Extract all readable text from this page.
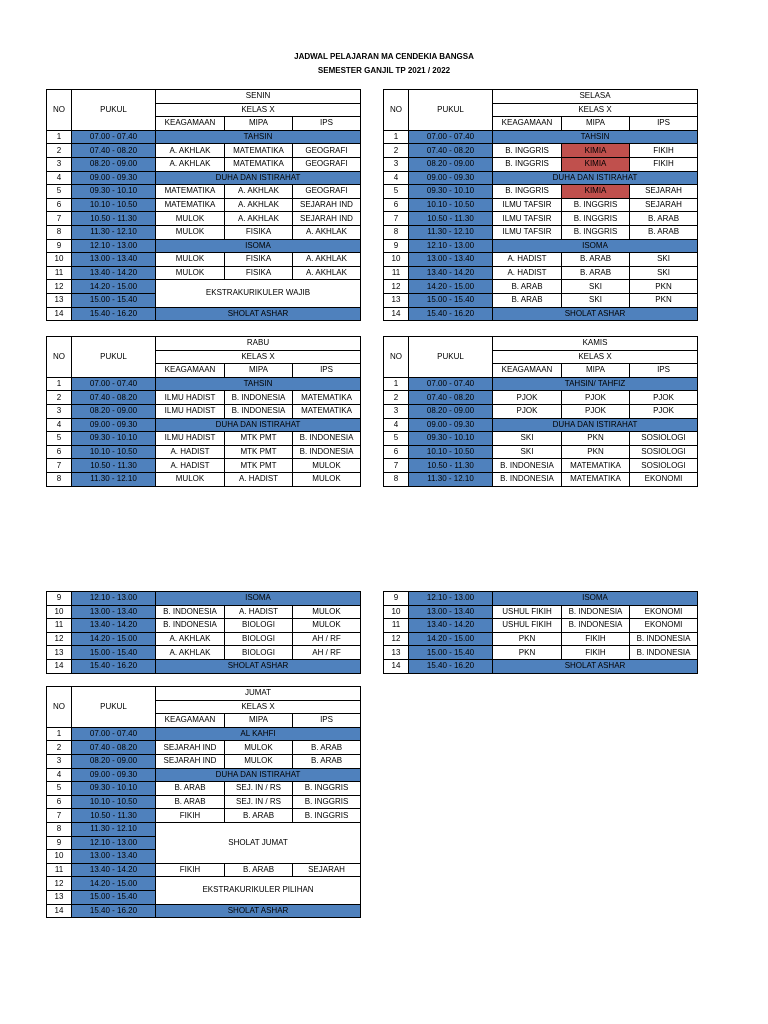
JADWAL PELAJARAN MA CENDEKIA BANGSA
SEMESTER GANJIL TP 2021 / 2022
NO	PUKUL	SENIN		
		KELAS X		
		KEAGAMAAN	MIPA	IPS
1	07.00 - 07.40	TAHSIN		
2	07.40 - 08.20	A. AKHLAK	MATEMATIKA	GEOGRAFI
3	08.20 - 09.00	A. AKHLAK	MATEMATIKA	GEOGRAFI
4	09.00 - 09.30	DUHA DAN ISTIRAHAT		
5	09.30 - 10.10	MATEMATIKA	A. AKHLAK	GEOGRAFI
6	10.10 - 10.50	MATEMATIKA	A. AKHLAK	SEJARAH IND
7	10.50 - 11.30	MULOK	A. AKHLAK	SEJARAH IND
8	11.30 - 12.10	MULOK	FISIKA	A. AKHLAK
9	12.10 - 13.00	ISOMA		
10	13.00 - 13.40	MULOK	FISIKA	A. AKHLAK
11	13.40 - 14.20	MULOK	FISIKA	A. AKHLAK
12	14.20 - 15.00	EKSTRAKURIKULER WAJIB		
13	15.00 - 15.40			
14	15.40 - 16.20	SHOLAT ASHAR		
NO	PUKUL	SELASA		
		KELAS X		
		KEAGAMAAN	MIPA	IPS
1	07.00 - 07.40	TAHSIN		
2	07.40 - 08.20	B. INGGRIS	KIMIA	FIKIH
3	08.20 - 09.00	B. INGGRIS	KIMIA	FIKIH
4	09.00 - 09.30	DUHA DAN ISTIRAHAT		
5	09.30 - 10.10	B. INGGRIS	KIMIA	SEJARAH
6	10.10 - 10.50	ILMU TAFSIR	B. INGGRIS	SEJARAH
7	10.50 - 11.30	ILMU TAFSIR	B. INGGRIS	B. ARAB
8	11.30 - 12.10	ILMU TAFSIR	B. INGGRIS	B. ARAB
9	12.10 - 13.00	ISOMA		
10	13.00 - 13.40	A. HADIST	B. ARAB	SKI
11	13.40 - 14.20	A. HADIST	B. ARAB	SKI
12	14.20 - 15.00	B. ARAB	SKI	PKN
13	15.00 - 15.40	B. ARAB	SKI	PKN
14	15.40 - 16.20	SHOLAT ASHAR		
NO	PUKUL	RABU		
		KELAS X		
		KEAGAMAAN	MIPA	IPS
1	07.00 - 07.40	TAHSIN		
2	07.40 - 08.20	ILMU HADIST	B. INDONESIA	MATEMATIKA
3	08.20 - 09.00	ILMU HADIST	B. INDONESIA	MATEMATIKA
4	09.00 - 09.30	DUHA DAN ISTIRAHAT		
5	09.30 - 10.10	ILMU HADIST	MTK PMT	B. INDONESIA
6	10.10 - 10.50	A. HADIST	MTK PMT	B. INDONESIA
7	10.50 - 11.30	A. HADIST	MTK PMT	MULOK
8	11.30 - 12.10	MULOK	A. HADIST	MULOK
NO	PUKUL	KAMIS		
		KELAS X		
		KEAGAMAAN	MIPA	IPS
1	07.00 - 07.40	TAHSIN/ TAHFIZ		
2	07.40 - 08.20	PJOK	PJOK	PJOK
3	08.20 - 09.00	PJOK	PJOK	PJOK
4	09.00 - 09.30	DUHA DAN ISTIRAHAT		
5	09.30 - 10.10	SKI	PKN	SOSIOLOGI
6	10.10 - 10.50	SKI	PKN	SOSIOLOGI
7	10.50 - 11.30	B. INDONESIA	MATEMATIKA	SOSIOLOGI
8	11.30 - 12.10	B. INDONESIA	MATEMATIKA	EKONOMI
9	12.10 - 13.00	ISOMA		
10	13.00 - 13.40	B. INDONESIA	A. HADIST	MULOK
11	13.40 - 14.20	B. INDONESIA	BIOLOGI	MULOK
12	14.20 - 15.00	A. AKHLAK	BIOLOGI	AH / RF
13	15.00 - 15.40	A. AKHLAK	BIOLOGI	AH / RF
14	15.40 - 16.20	SHOLAT ASHAR		
9	12.10 - 13.00	ISOMA		
10	13.00 - 13.40	USHUL FIKIH	B. INDONESIA	EKONOMI
11	13.40 - 14.20	USHUL FIKIH	B. INDONESIA	EKONOMI
12	14.20 - 15.00	PKN	FIKIH	B. INDONESIA
13	15.00 - 15.40	PKN	FIKIH	B. INDONESIA
14	15.40 - 16.20	SHOLAT ASHAR		
NO	PUKUL	JUMAT		
		KELAS X		
		KEAGAMAAN	MIPA	IPS
1	07.00 - 07.40	AL KAHFI		
2	07.40 - 08.20	SEJARAH IND	MULOK	B. ARAB
3	08.20 - 09.00	SEJARAH IND	MULOK	B. ARAB
4	09.00 - 09.30	DUHA DAN ISTIRAHAT		
5	09.30 - 10.10	B. ARAB	SEJ. IN / RS	B. INGGRIS
6	10.10 - 10.50	B. ARAB	SEJ. IN / RS	B. INGGRIS
7	10.50 - 11.30	FIKIH	B. ARAB	B. INGGRIS
8	11.30 - 12.10	SHOLAT JUMAT		
9	12.10 - 13.00			
10	13.00 - 13.40			
11	13.40 - 14.20	FIKIH	B. ARAB	SEJARAH
12	14.20 - 15.00	EKSTRAKURIKULER PILIHAN		
13	15.00 - 15.40			
14	15.40 - 16.20	SHOLAT ASHAR		
